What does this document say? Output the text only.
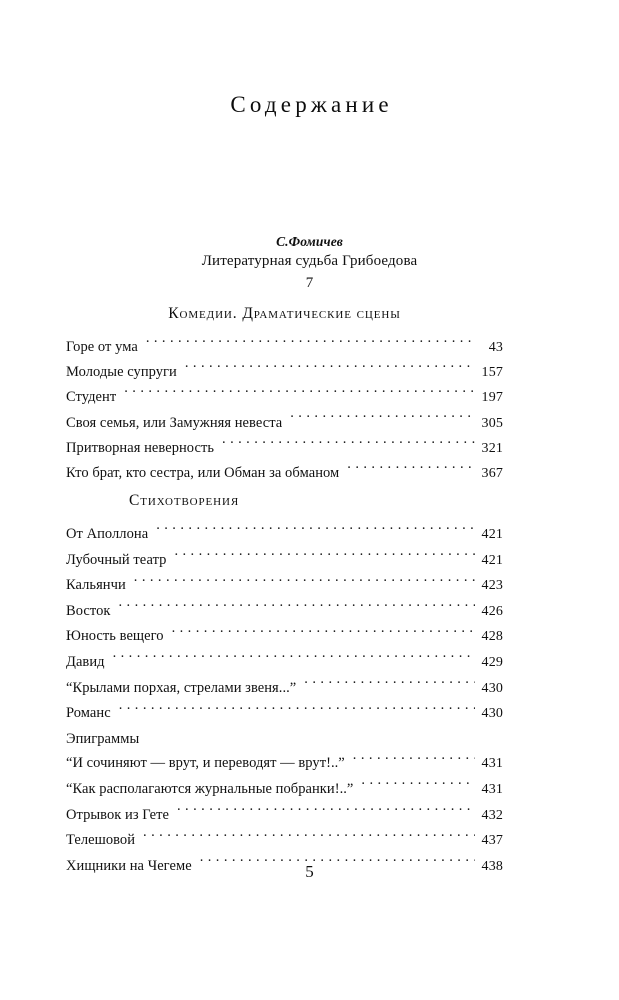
Содержание
С.Фомичев
Литературная судьба Грибоедова
7
Комедии. Драматические сцены
Горе от ума . . .	43
Молодые супруги . . .	157
Студент . . .	197
Своя семья, или Замужняя невеста . . .	305
Притворная неверность . . .	321
Кто брат, кто сестра, или Обман за обманом . . .	367
Стихотворения
От Аполлона . . .	421
Лубочный театр . . .	421
Кальянчи . . .	423
Восток . . .	426
Юность вещего . . .	428
Давид . . .	429
“Крылами порхая, стрелами звеня...” . . .	430
Романс . . .	430
Эпиграммы
“И сочиняют — врут, и переводят — врут!..” . . .	431
“Как располагаются журнальные побранки!..” . . .	431
Отрывок из Гете . . .	432
Телешовой . . .	437
Хищники на Чегеме . . .	438
5
